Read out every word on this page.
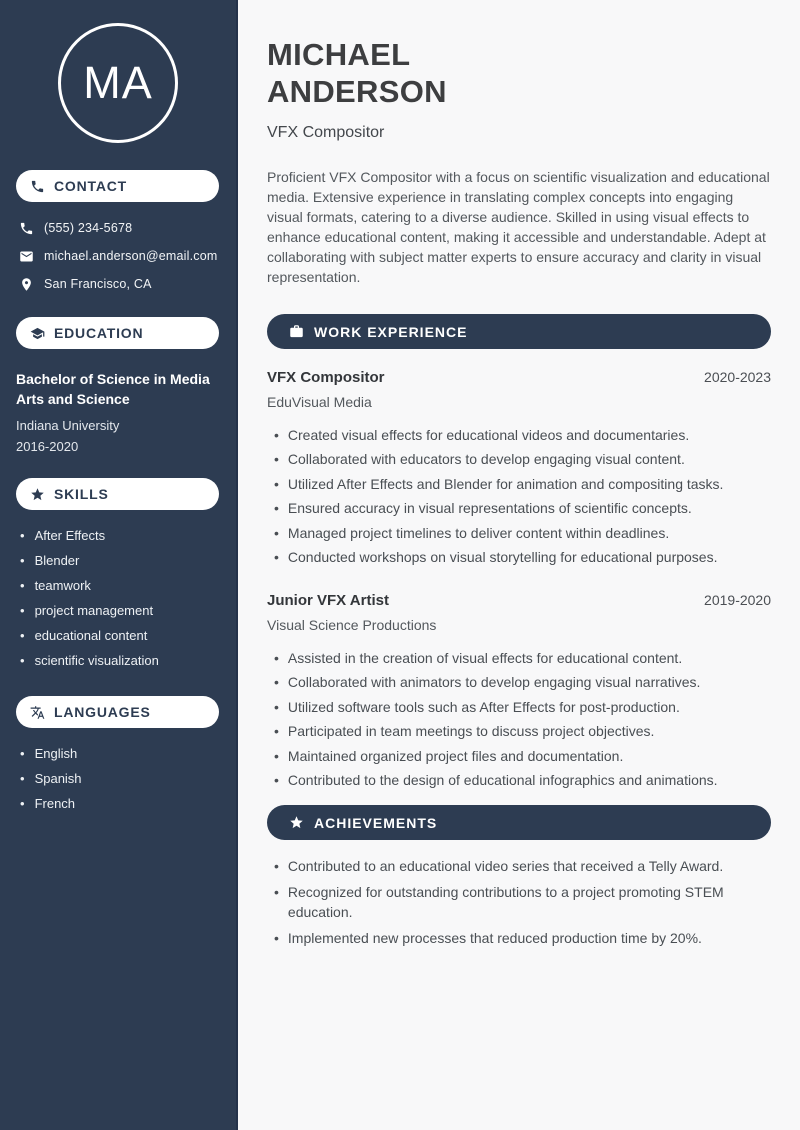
MA
CONTACT
(555) 234-5678
michael.anderson@email.com
San Francisco, CA
EDUCATION
Bachelor of Science in Media Arts and Science
Indiana University
2016-2020
SKILLS
• After Effects
• Blender
• teamwork
• project management
• educational content
• scientific visualization
LANGUAGES
• English
• Spanish
• French
MICHAEL
ANDERSON
VFX Compositor

Proficient VFX Compositor with a focus on scientific visualization and educational media. Extensive experience in translating complex concepts into engaging visual formats, catering to a diverse audience. Skilled in using visual effects to enhance educational content, making it accessible and understandable. Adept at collaborating with subject matter experts to ensure accuracy and clarity in visual representation.

WORK EXPERIENCE
VFX Compositor	2020-2023
EduVisual Media
• Created visual effects for educational videos and documentaries.
• Collaborated with educators to develop engaging visual content.
• Utilized After Effects and Blender for animation and compositing tasks.
• Ensured accuracy in visual representations of scientific concepts.
• Managed project timelines to deliver content within deadlines.
• Conducted workshops on visual storytelling for educational purposes.
Junior VFX Artist	2019-2020
Visual Science Productions
• Assisted in the creation of visual effects for educational content.
• Collaborated with animators to develop engaging visual narratives.
• Utilized software tools such as After Effects for post-production.
• Participated in team meetings to discuss project objectives.
• Maintained organized project files and documentation.
• Contributed to the design of educational infographics and animations.
ACHIEVEMENTS
• Contributed to an educational video series that received a Telly Award.
• Recognized for outstanding contributions to a project promoting STEM education.
• Implemented new processes that reduced production time by 20%.
